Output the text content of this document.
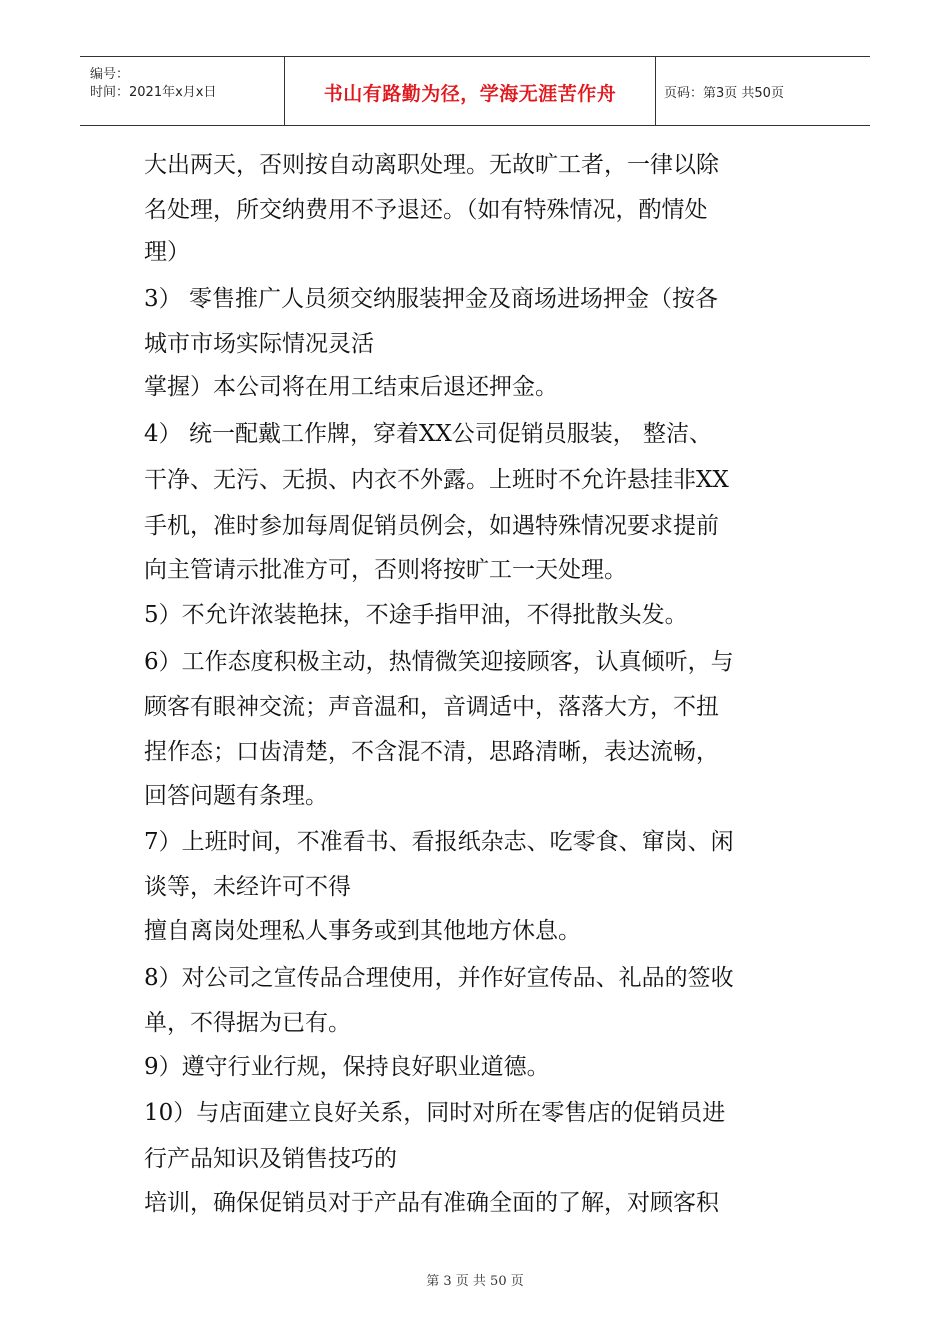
编号：
时间：2021年x月x日	书山有路勤为径，学海无涯苦作舟	页码：第3页 共50页
大出两天，否则按自动离职处理。无故旷工者，一律以除
名处理，所交纳费用不予退还。（如有特殊情况，酌情处
理）
3） 零售推广人员须交纳服装押金及商场进场押金（按各
城市市场实际情况灵活
掌握）本公司将在用工结束后退还押金。
4） 统一配戴工作牌，穿着XX公司促销员服装， 整洁、
干净、无污、无损、内衣不外露。上班时不允许悬挂非XX
手机，准时参加每周促销员例会，如遇特殊情况要求提前
向主管请示批准方可，否则将按旷工一天处理。
5）不允许浓装艳抹，不途手指甲油，不得批散头发。
6）工作态度积极主动，热情微笑迎接顾客，认真倾听，与
顾客有眼神交流；声音温和，音调适中，落落大方，不扭
捏作态；口齿清楚，不含混不清，思路清晰，表达流畅，
回答问题有条理。
7）上班时间，不准看书、看报纸杂志、吃零食、窜岗、闲
谈等，未经许可不得
擅自离岗处理私人事务或到其他地方休息。
8）对公司之宣传品合理使用，并作好宣传品、礼品的签收
单，不得据为已有。
9）遵守行业行规，保持良好职业道德。
10）与店面建立良好关系，同时对所在零售店的促销员进
行产品知识及销售技巧的
培训，确保促销员对于产品有准确全面的了解，对顾客积
第 3 页 共 50 页
